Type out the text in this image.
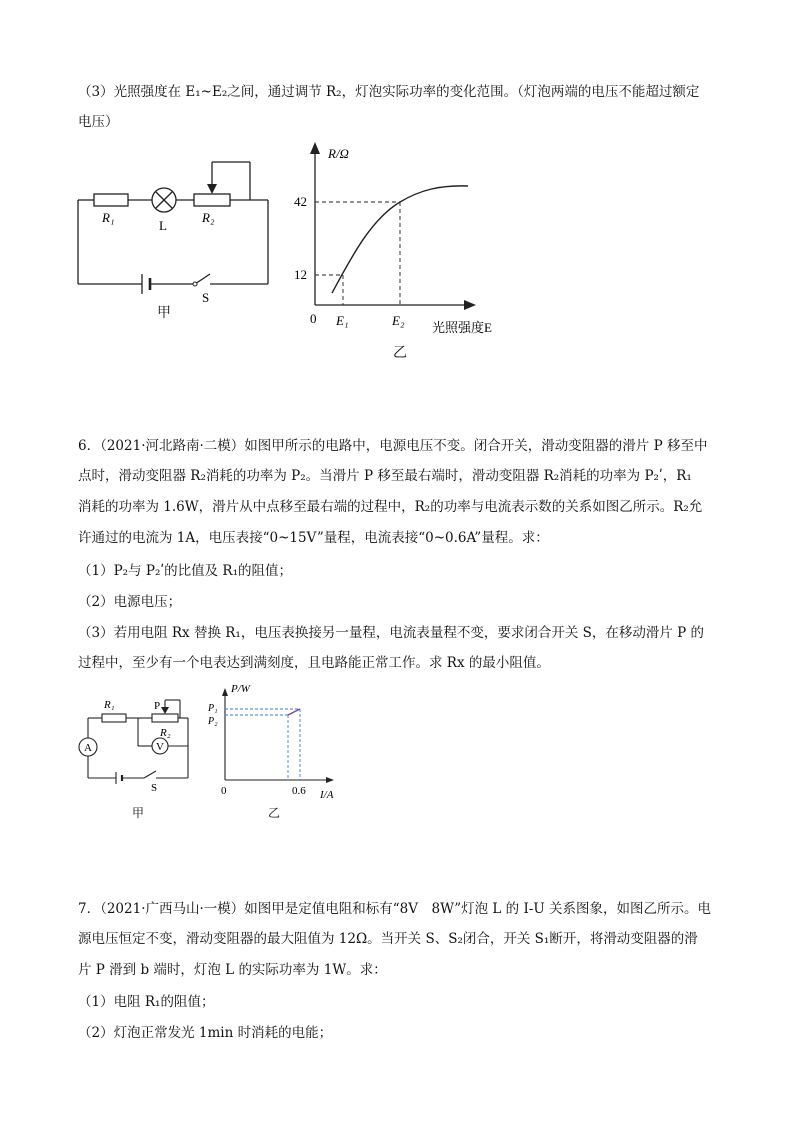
（3）光照强度在 E₁~E₂之间，通过调节 R₂，灯泡实际功率的变化范围。（灯泡两端的电压不能超过额定
电压）
R₁
L
R₂
S
甲
R/Ω
42
12
0 E₁	E₂ 光照强度E
乙
6．（2021·河北路南·二模）如图甲所示的电路中，电源电压不变。闭合开关，滑动变阻器的滑片 P 移至中
点时，滑动变阻器 R₂消耗的功率为 P₂。当滑片 P 移至最右端时，滑动变阻器 R₂消耗的功率为 P₂ʹ，R₁
消耗的功率为 1.6W，滑片从中点移至最右端的过程中，R₂的功率与电流表示数的关系如图乙所示。R₂允
许通过的电流为 1A，电压表接“0~15V”量程，电流表接“0~0.6A”量程。求：
（1）P₂与 P₂ʹ的比值及 R₁的阻值；
（2）电源电压；
（3）若用电阻 Rx 替换 R₁，电压表换接另一量程，电流表量程不变，要求闭合开关 S，在移动滑片 P 的
过程中，至少有一个电表达到满刻度，且电路能正常工作。求 Rx 的最小阻值。
R₁	P
R₂
A	V
S
甲
P/W
P₁
P₂
0	0.6 I/A
乙
7．（2021·广西马山·一模）如图甲是定值电阻和标有“8V　8W”灯泡 L 的 I-U 关系图象，如图乙所示。电
源电压恒定不变，滑动变阻器的最大阻值为 12Ω。当开关 S、S₂闭合，开关 S₁断开，将滑动变阻器的滑
片 P 滑到 b 端时，灯泡 L 的实际功率为 1W。求：
（1）电阻 R₁的阻值；
（2）灯泡正常发光 1min 时消耗的电能；
